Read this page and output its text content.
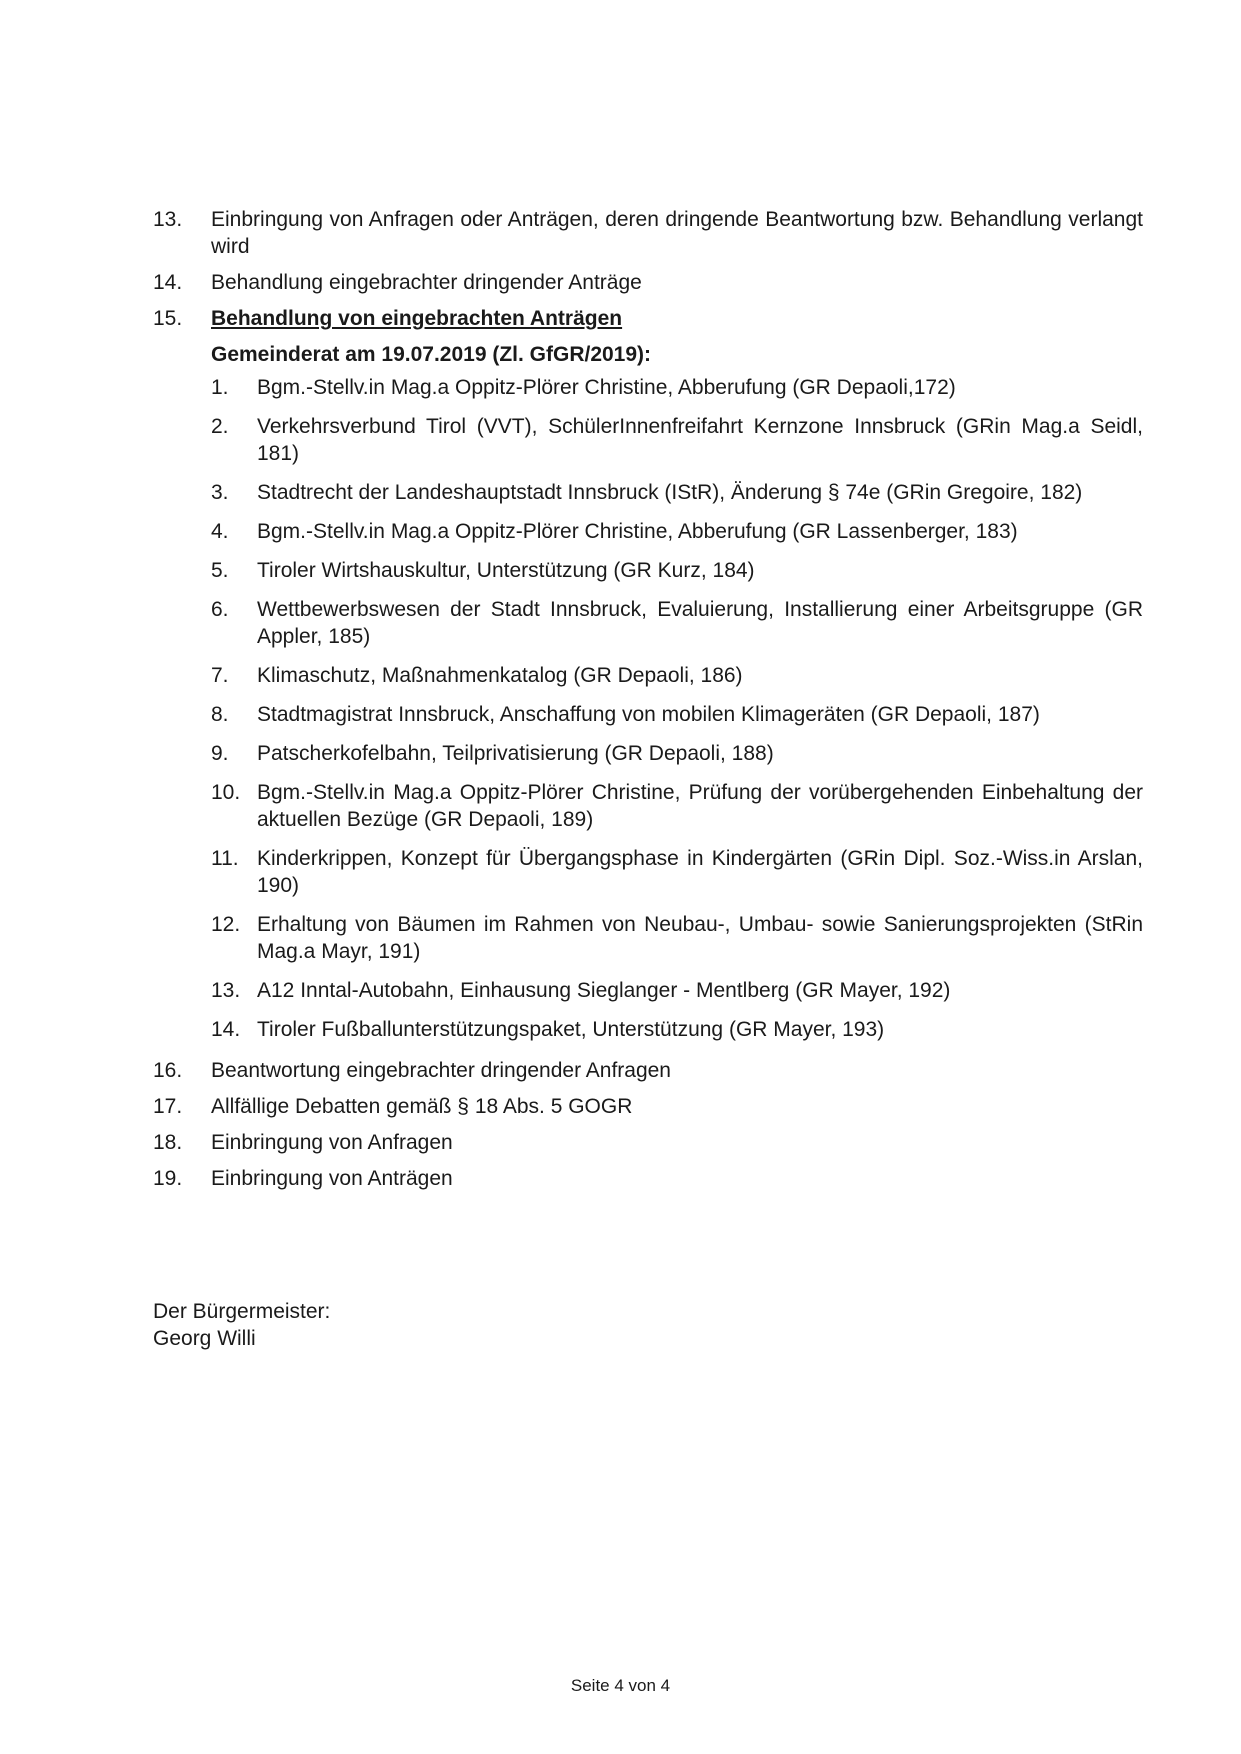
13. Einbringung von Anfragen oder Anträgen, deren dringende Beantwortung bzw. Behandlung verlangt wird
14. Behandlung eingebrachter dringender Anträge
15. Behandlung von eingebrachten Anträgen
Gemeinderat am 19.07.2019 (Zl. GfGR/2019):
1. Bgm.-Stellv.in Mag.a Oppitz-Plörer Christine, Abberufung (GR Depaoli,172)
2. Verkehrsverbund Tirol (VVT), SchülerInnenfreifahrt Kernzone Innsbruck (GRin Mag.a Seidl, 181)
3. Stadtrecht der Landeshauptstadt Innsbruck (IStR), Änderung § 74e (GRin Gregoire, 182)
4. Bgm.-Stellv.in Mag.a Oppitz-Plörer Christine, Abberufung (GR Lassenberger, 183)
5. Tiroler Wirtshauskultur, Unterstützung (GR Kurz, 184)
6. Wettbewerbswesen der Stadt Innsbruck, Evaluierung, Installierung einer Arbeitsgruppe (GR Appler, 185)
7. Klimaschutz, Maßnahmenkatalog (GR Depaoli, 186)
8. Stadtmagistrat Innsbruck, Anschaffung von mobilen Klimageräten (GR Depaoli, 187)
9. Patscherkofelbahn, Teilprivatisierung (GR Depaoli, 188)
10. Bgm.-Stellv.in Mag.a Oppitz-Plörer Christine, Prüfung der vorübergehenden Einbehaltung der aktuellen Bezüge (GR Depaoli, 189)
11. Kinderkrippen, Konzept für Übergangsphase in Kindergärten (GRin Dipl. Soz.-Wiss.in Arslan, 190)
12. Erhaltung von Bäumen im Rahmen von Neubau-, Umbau- sowie Sanierungsprojekten (StRin Mag.a Mayr, 191)
13. A12 Inntal-Autobahn, Einhausung Sieglanger - Mentlberg (GR Mayer, 192)
14. Tiroler Fußballunterstützungspaket, Unterstützung (GR Mayer, 193)
16. Beantwortung eingebrachter dringender Anfragen
17. Allfällige Debatten gemäß § 18 Abs. 5 GOGR
18. Einbringung von Anfragen
19. Einbringung von Anträgen
Der Bürgermeister:
Georg Willi
Seite 4 von 4
